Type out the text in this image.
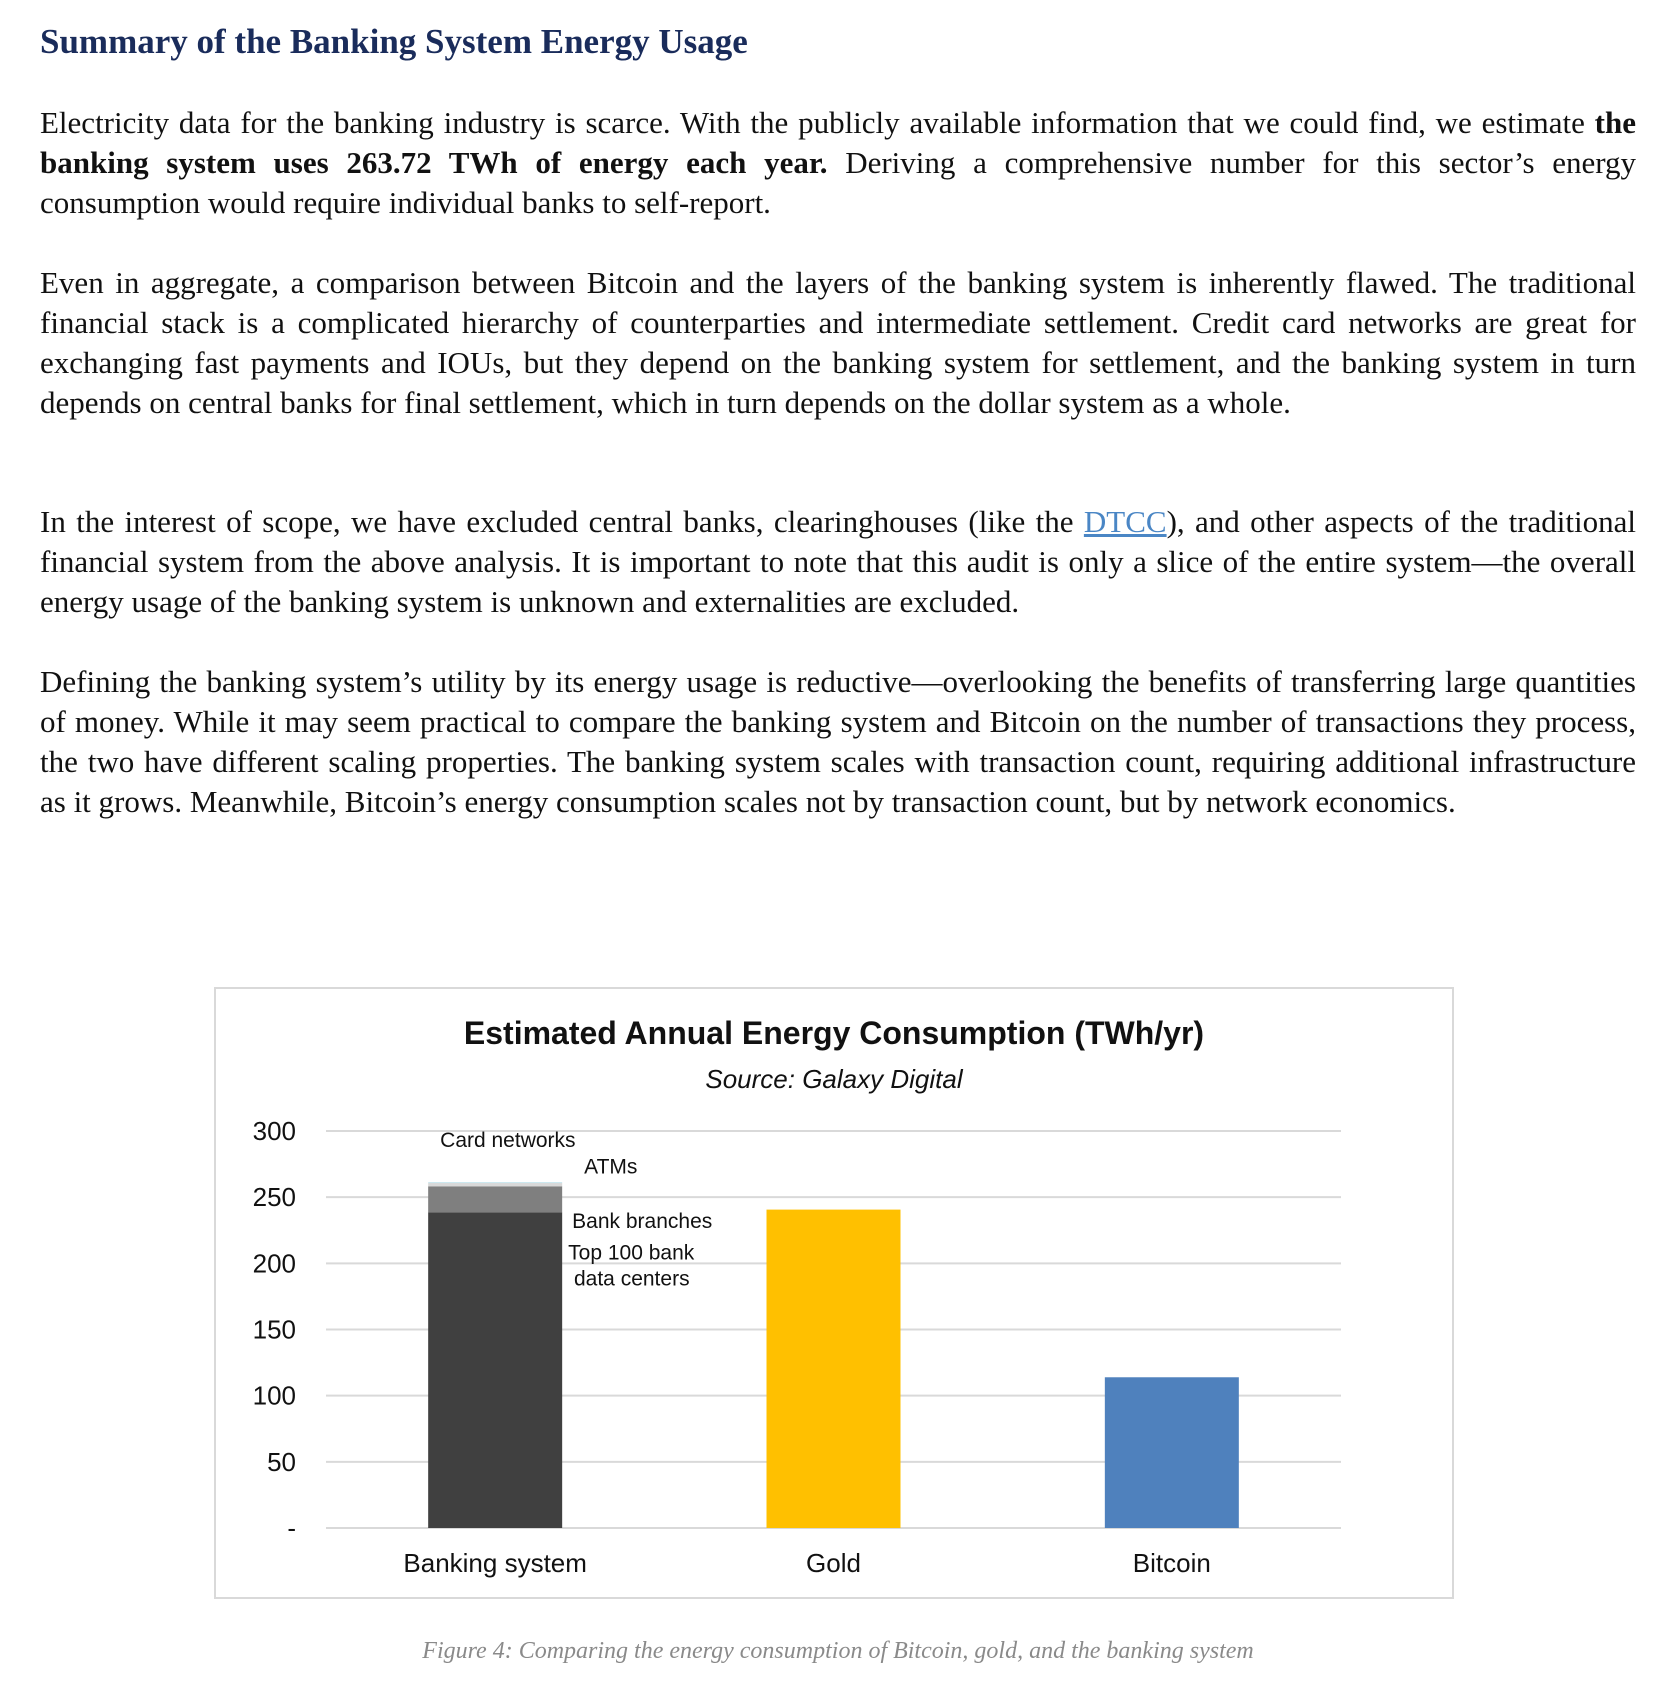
Summary of the Banking System Energy Usage

Electricity data for the banking industry is scarce. With the publicly available information that we could find, we estimate the banking system uses 263.72 TWh of energy each year. Deriving a comprehensive number for this sector’s energy consumption would require individual banks to self-report.

Even in aggregate, a comparison between Bitcoin and the layers of the banking system is inherently flawed. The traditional financial stack is a complicated hierarchy of counterparties and intermediate settlement. Credit card networks are great for exchanging fast payments and IOUs, but they depend on the banking system for settlement, and the banking system in turn depends on central banks for final settlement, which in turn depends on the dollar system as a whole.

In the interest of scope, we have excluded central banks, clearinghouses (like the DTCC), and other aspects of the traditional financial system from the above analysis. It is important to note that this audit is only a slice of the entire system—the overall energy usage of the banking system is unknown and externalities are excluded.

Defining the banking system’s utility by its energy usage is reductive—overlooking the benefits of transferring large quantities of money. While it may seem practical to compare the banking system and Bitcoin on the number of transactions they process, the two have different scaling properties. The banking system scales with transaction count, requiring additional infrastructure as it grows. Meanwhile, Bitcoin’s energy consumption scales not by transaction count, but by network economics.

Estimated Annual Energy Consumption (TWh/yr)
Source: Galaxy Digital
-
50
100
150
200
250
300
Banking system	Gold	Bitcoin
Top 100 bank data centers
Bank branches
ATMs
Card networks

Figure 4: Comparing the energy consumption of Bitcoin, gold, and the banking system
